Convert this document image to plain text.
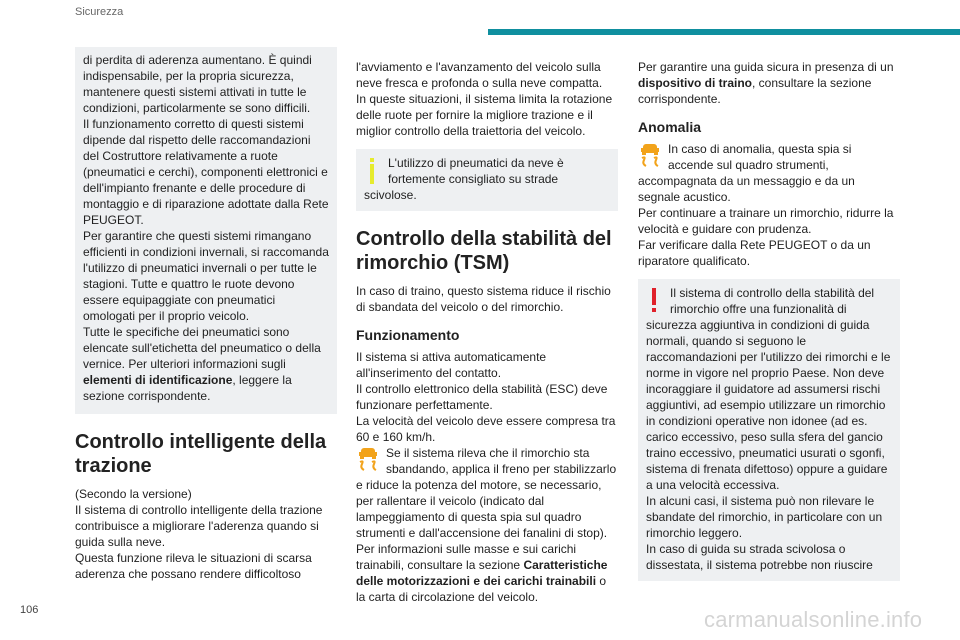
Sicurezza

di perdita di aderenza aumentano. È quindi indispensabile, per la propria sicurezza, mantenere questi sistemi attivati in tutte le condizioni, particolarmente se sono difficili.

Il funzionamento corretto di questi sistemi dipende dal rispetto delle raccomandazioni del Costruttore relativamente a ruote (pneumatici e cerchi), componenti elettronici e dell'impianto frenante e delle procedure di montaggio e di riparazione adottate dalla Rete PEUGEOT.

Per garantire che questi sistemi rimangano efficienti in condizioni invernali, si raccomanda l'utilizzo di pneumatici invernali o per tutte le stagioni. Tutte e quattro le ruote devono essere equipaggiate con pneumatici omologati per il proprio veicolo.

Tutte le specifiche dei pneumatici sono elencate sull'etichetta del pneumatico o della vernice. Per ulteriori informazioni sugli elementi di identificazione, leggere la sezione corrispondente.

Controllo intelligente della trazione

(Secondo la versione)

Il sistema di controllo intelligente della trazione contribuisce a migliorare l'aderenza quando si guida sulla neve.

Questa funzione rileva le situazioni di scarsa aderenza che possano rendere difficoltoso

l'avviamento e l'avanzamento del veicolo sulla neve fresca e profonda o sulla neve compatta.

In queste situazioni, il sistema limita la rotazione delle ruote per fornire la migliore trazione e il miglior controllo della traiettoria del veicolo.

L'utilizzo di pneumatici da neve è fortemente consigliato su strade scivolose.
Controllo della stabilità del rimorchio (TSM)

In caso di traino, questo sistema riduce il rischio di sbandata del veicolo o del rimorchio.

Funzionamento

Il sistema si attiva automaticamente all'inserimento del contatto.

Il controllo elettronico della stabilità (ESC) deve funzionare perfettamente.

La velocità del veicolo deve essere compresa tra 60 e 160 km/h.

Se il sistema rileva che il rimorchio sta sbandando, applica il freno per stabilizzarlo e riduce la potenza del motore, se necessario, per rallentare il veicolo (indicato dal lampeggiamento di questa spia sul quadro strumenti e dall'accensione dei fanalini di stop).

Per informazioni sulle masse e sui carichi trainabili, consultare la sezione Caratteristiche delle motorizzazioni e dei carichi trainabili o la carta di circolazione del veicolo.

Per garantire una guida sicura in presenza di un dispositivo di traino, consultare la sezione corrispondente.

Anomalia
In caso di anomalia, questa spia si accende sul quadro strumenti, accompagnata da un messaggio e da un segnale acustico.

Per continuare a trainare un rimorchio, ridurre la velocità e guidare con prudenza.

Far verificare dalla Rete PEUGEOT o da un riparatore qualificato.

Il sistema di controllo della stabilità del rimorchio offre una funzionalità di sicurezza aggiuntiva in condizioni di guida normali, quando si seguono le raccomandazioni per l'utilizzo dei rimorchi e le norme in vigore nel proprio Paese. Non deve incoraggiare il guidatore ad assumersi rischi aggiuntivi, ad esempio utilizzare un rimorchio in condizioni operative non idonee (ad es. carico eccessivo, peso sulla sfera del gancio traino eccessivo, pneumatici usurati o sgonfi, sistema di frenata difettoso) oppure a guidare a una velocità eccessiva.

In alcuni casi, il sistema può non rilevare le sbandate del rimorchio, in particolare con un rimorchio leggero.

In caso di guida su strada scivolosa o dissestata, il sistema potrebbe non riuscire

106	carmanualsonline.info
